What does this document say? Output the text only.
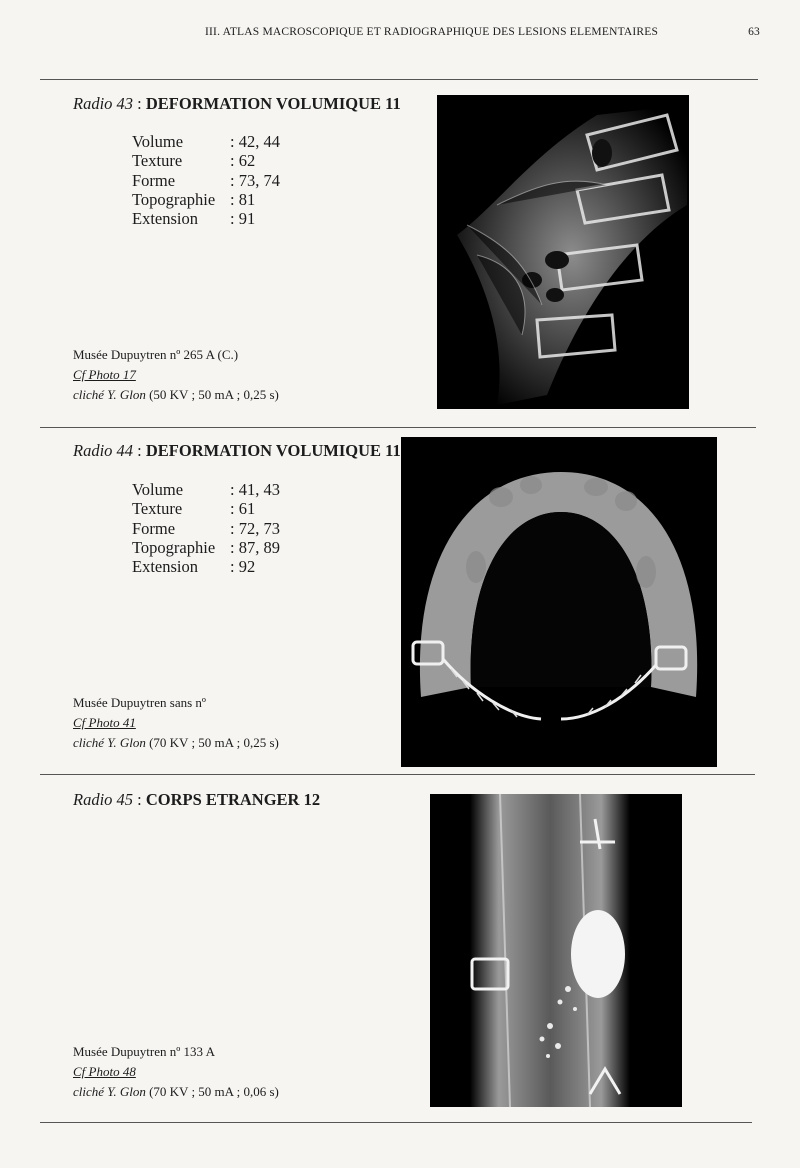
III. ATLAS MACROSCOPIQUE ET RADIOGRAPHIQUE DES LESIONS ELEMENTAIRES	63
Radio 43 : DEFORMATION VOLUMIQUE 11
Volume	: 42, 44
Texture	: 62
Forme	: 73, 74
Topographie : 81
Extension	: 91
Musée Dupuytren nº 265 A (C.)
Cf Photo 17
cliché Y. Glon (50 KV ; 50 mA ; 0,25 s)
Radio 44 : DEFORMATION VOLUMIQUE 11
Volume	: 41, 43
Texture	: 61
Forme	: 72, 73
Topographie : 87, 89
Extension	: 92
Musée Dupuytren sans nº
Cf Photo 41
cliché Y. Glon (70 KV ; 50 mA ; 0,25 s)
Radio 45 : CORPS ETRANGER 12
Musée Dupuytren nº 133 A
Cf Photo 48
cliché Y. Glon (70 KV ; 50 mA ; 0,06 s)
